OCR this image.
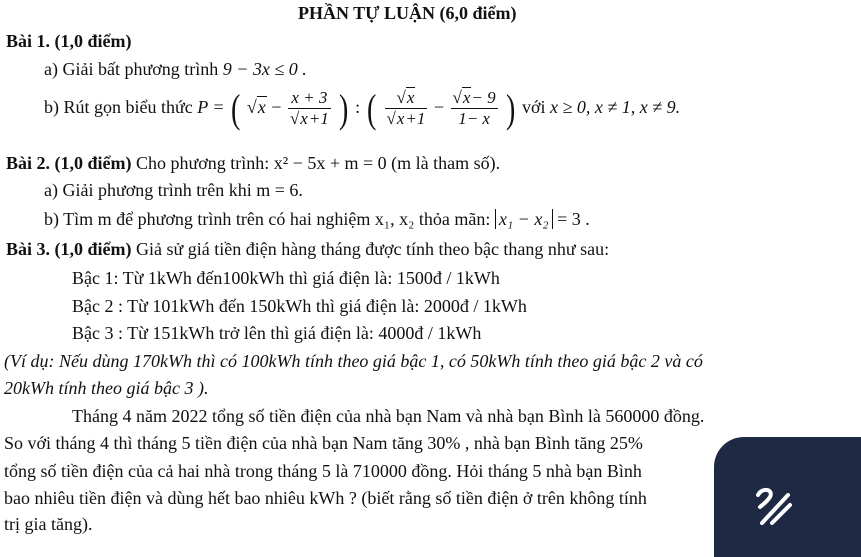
PHẦN TỰ LUẬN (6,0 điểm)
Bài 1. (1,0 điểm)
a) Giải bất phương trình 9 − 3x ≤ 0 .
b) Rút gọn biểu thức P = ( $√x - \frac{x + 3}{√x+1}$ ) : ( $\frac{√x}{√x+1} - \frac{√x- 9}{1- x}$ ) với x ≥ 0, x ≠ 1, x ≠ 9.
Bài 2. (1,0 điểm) Cho phương trình: x² − 5x + m = 0 (m là tham số).
a) Giải phương trình trên khi m = 6.
b) Tìm m để phương trình trên có hai nghiệm x₁, x₂ thỏa mãn: x₁ − x₂ = 3 .
Bài 3. (1,0 điểm) Giả sử giá tiền điện hàng tháng được tính theo bậc thang như sau:
Bậc 1: Từ 1kWh đến100kWh thì giá điện là: 1500đ / 1kWh
Bậc 2 : Từ 101kWh đến 150kWh thì giá điện là: 2000đ / 1kWh
Bậc 3 : Từ 151kWh trở lên thì giá điện là: 4000đ / 1kWh
(Ví dụ: Nếu dùng 170kWh thì có 100kWh tính theo giá bậc 1, có 50kWh tính theo giá bậc 2 và có
20kWh tính theo giá bậc 3 ).
Tháng 4 năm 2022 tổng số tiền điện của nhà bạn Nam và nhà bạn Bình là 560000 đồng.
So với tháng 4 thì tháng 5 tiền điện của nhà bạn Nam tăng 30% , nhà bạn Bình tăng 25%
tổng số tiền điện của cả hai nhà trong tháng 5 là 710000 đồng. Hỏi tháng 5 nhà bạn Bình
bao nhiêu tiền điện và dùng hết bao nhiêu kWh ? (biết rằng số tiền điện ở trên không tính
trị gia tăng).
